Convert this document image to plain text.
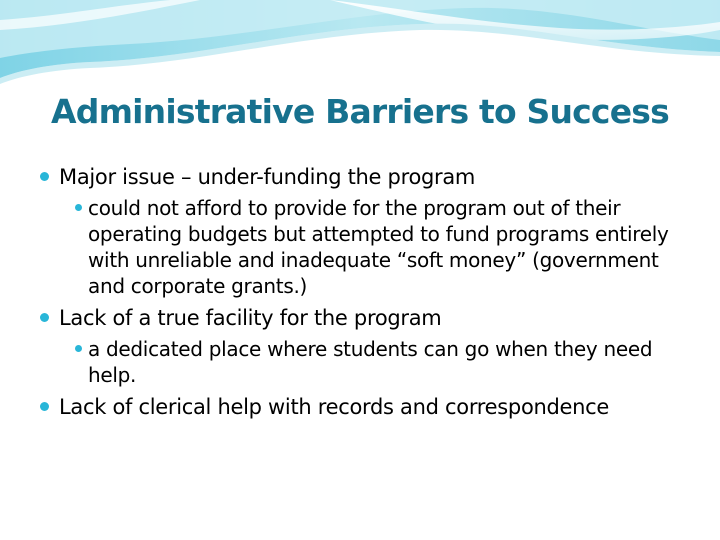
Administrative Barriers to Success
Major issue – under-funding the program
could not afford to provide for the program out of their operating budgets but attempted to fund programs entirely with unreliable and inadequate “soft money” (government and corporate grants.)
Lack of a true facility for the program
a dedicated place where students can go when they need help.
Lack of clerical help with records and correspondence
